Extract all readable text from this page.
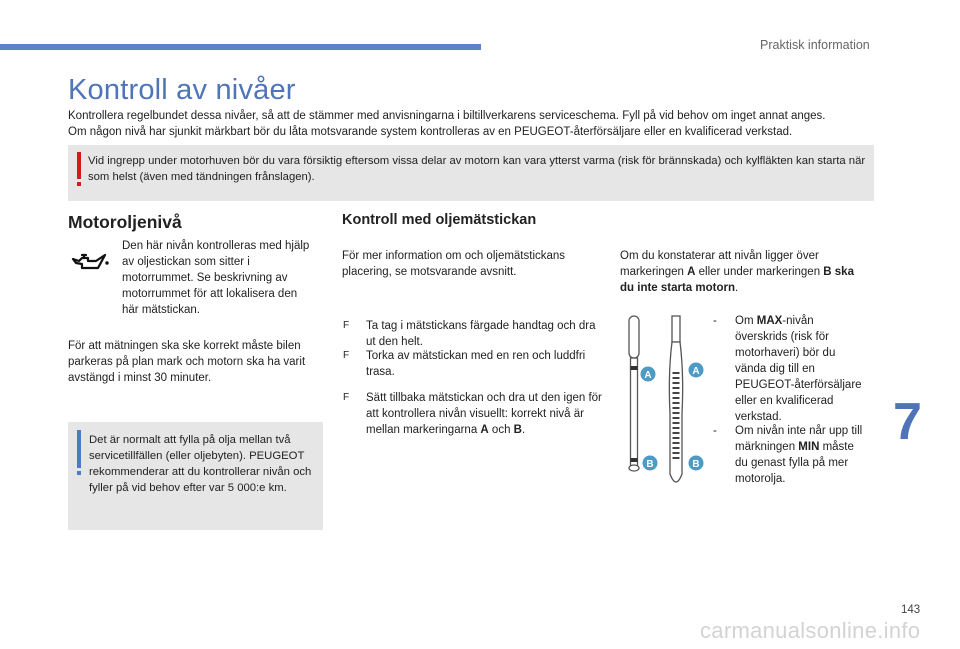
Praktisk information
Kontroll av nivåer
Kontrollera regelbundet dessa nivåer, så att de stämmer med anvisningarna i biltillverkarens serviceschema. Fyll på vid behov om inget annat anges.
Om någon nivå har sjunkit märkbart bör du låta motsvarande system kontrolleras av en PEUGEOT-återförsäljare eller en kvalificerad verkstad.
Vid ingrepp under motorhuven bör du vara försiktig eftersom vissa delar av motorn kan vara ytterst varma (risk för brännskada) och kylfläkten kan starta när som helst (även med tändningen frånslagen).
Motoroljenivå
Den här nivån kontrolleras med hjälp av oljestickan som sitter i motorrummet. Se beskrivning av motorrummet för att lokalisera den här mätstickan.
För att mätningen ska ske korrekt måste bilen parkeras på plan mark och motorn ska ha varit avstängd i minst 30 minuter.
Det är normalt att fylla på olja mellan två servicetillfällen (eller oljebyten). PEUGEOT rekommenderar att du kontrollerar nivån och fyller på vid behov efter var 5 000:e km.
Kontroll med oljemätstickan
För mer information om och oljemätstickans placering, se motsvarande avsnitt.
F Ta tag i mätstickans färgade handtag och dra ut den helt.
F Torka av mätstickan med en ren och luddfri trasa.
F Sätt tillbaka mätstickan och dra ut den igen för att kontrollera nivån visuellt: korrekt nivå är mellan markeringarna A och B.
Om du konstaterar att nivån ligger över markeringen A eller under markeringen B ska du inte starta motorn.
A	A
B	B
- Om MAX-nivån överskrids (risk för motorhaveri) bör du vända dig till en PEUGEOT-återförsäljare eller en kvalificerad verkstad.
- Om nivån inte når upp till märkningen MIN måste du genast fylla på mer motorolja.
7
143
carmanualsonline.info
